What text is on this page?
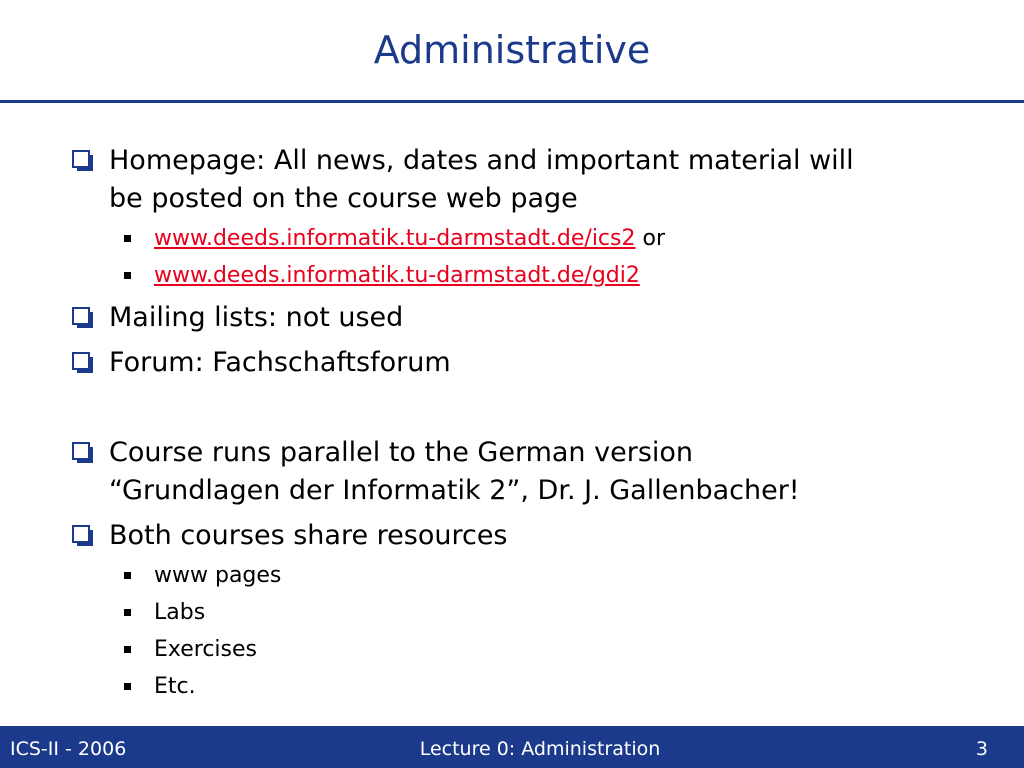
Administrative
Homepage: All news, dates and important material will
be posted on the course web page
www.deeds.informatik.tu-darmstadt.de/ics2 or
www.deeds.informatik.tu-darmstadt.de/gdi2
Mailing lists: not used
Forum: Fachschaftsforum
Course runs parallel to the German version
“Grundlagen der Informatik 2”, Dr. J. Gallenbacher!
Both courses share resources
www pages
Labs
Exercises
Etc.
ICS-II - 2006	Lecture 0: Administration	3
